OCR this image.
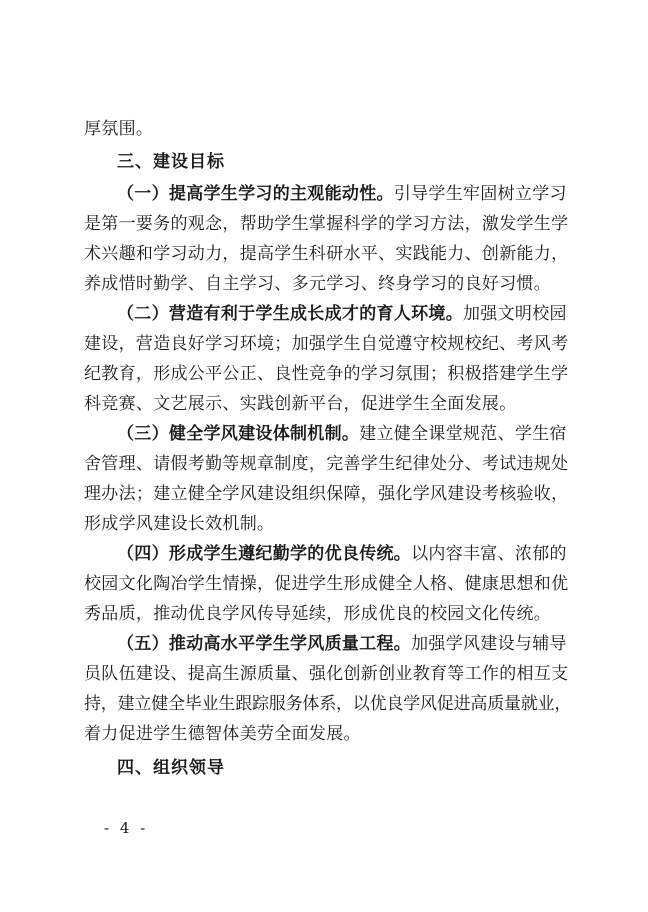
厚氛围。
三、建设目标
（一）提高学生学习的主观能动性。引导学生牢固树立学习
是第一要务的观念，帮助学生掌握科学的学习方法，激发学生学
术兴趣和学习动力，提高学生科研水平、实践能力、创新能力，
养成惜时勤学、自主学习、多元学习、终身学习的良好习惯。
（二）营造有利于学生成长成才的育人环境。加强文明校园
建设，营造良好学习环境；加强学生自觉遵守校规校纪、考风考
纪教育，形成公平公正、良性竞争的学习氛围；积极搭建学生学
科竞赛、文艺展示、实践创新平台，促进学生全面发展。
（三）健全学风建设体制机制。建立健全课堂规范、学生宿
舍管理、请假考勤等规章制度，完善学生纪律处分、考试违规处
理办法；建立健全学风建设组织保障，强化学风建设考核验收，
形成学风建设长效机制。
（四）形成学生遵纪勤学的优良传统。以内容丰富、浓郁的
校园文化陶冶学生情操，促进学生形成健全人格、健康思想和优
秀品质，推动优良学风传导延续，形成优良的校园文化传统。
（五）推动高水平学生学风质量工程。加强学风建设与辅导
员队伍建设、提高生源质量、强化创新创业教育等工作的相互支
持，建立健全毕业生跟踪服务体系，以优良学风促进高质量就业，
着力促进学生德智体美劳全面发展。
四、组织领导
- 4 -
